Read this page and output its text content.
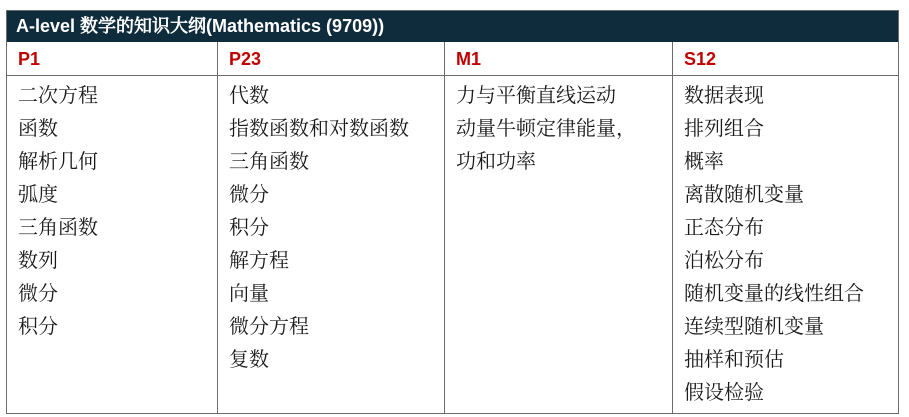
A-level 数学的知识大纲(Mathematics (9709))
P1
二次方程
函数
解析几何
弧度
三角函数
数列
微分
积分
P23
代数
指数函数和对数函数
三角函数
微分
积分
解方程
向量
微分方程
复数
M1
力与平衡直线运动
动量牛顿定律能量，
功和功率
S12
数据表现
排列组合
概率
离散随机变量
正态分布
泊松分布
随机变量的线性组合
连续型随机变量
抽样和预估
假设检验
